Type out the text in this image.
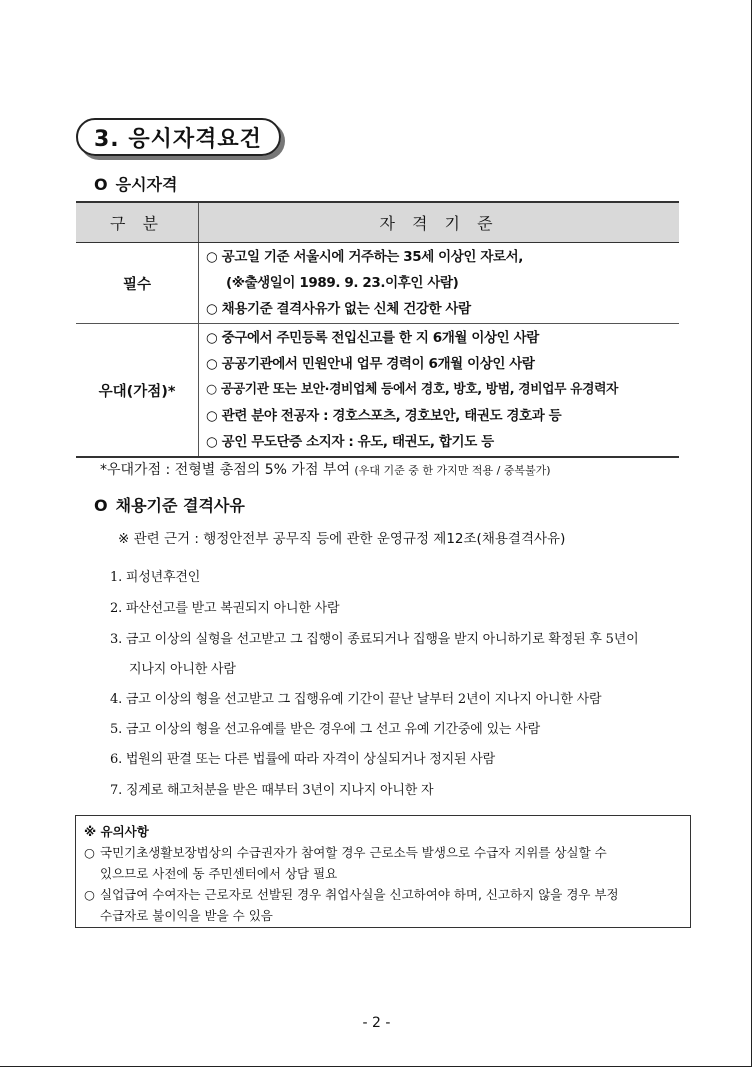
3. 응시자격요건
O 응시자격
구 분	자 격 기 준
필수	○ 공고일 기준 서울시에 거주하는 35세 이상인 자로서,
(※출생일이 1989. 9. 23.이후인 사람)
○ 채용기준 결격사유가 없는 신체 건강한 사람

우대(가점)*	○ 중구에서 주민등록 전입신고를 한 지 6개월 이상인 사람
○ 공공기관에서 민원안내 업무 경력이 6개월 이상인 사람
○ 공공기관 또는 보안·경비업체 등에서 경호, 방호, 방범, 경비업무 유경력자
○ 관련 분야 전공자 : 경호스포츠, 경호보안, 태권도 경호과 등
○ 공인 무도단증 소지자 : 유도, 태권도, 합기도 등
*우대가점 : 전형별 총점의 5% 가점 부여 (우대 기준 중 한 가지만 적용 / 중복불가)
O 채용기준 결격사유
※ 관련 근거 : 행정안전부 공무직 등에 관한 운영규정 제12조(채용결격사유)
1. 피성년후견인
2. 파산선고를 받고 복권되지 아니한 사람
3. 금고 이상의 실형을 선고받고 그 집행이 종료되거나 집행을 받지 아니하기로 확정된 후 5년이
지나지 아니한 사람
4. 금고 이상의 형을 선고받고 그 집행유예 기간이 끝난 날부터 2년이 지나지 아니한 사람
5. 금고 이상의 형을 선고유예를 받은 경우에 그 선고 유예 기간중에 있는 사람
6. 법원의 판결 또는 다른 법률에 따라 자격이 상실되거나 정지된 사람
7. 징계로 해고처분을 받은 때부터 3년이 지나지 아니한 자
※ 유의사항
○ 국민기초생활보장법상의 수급권자가 참여할 경우 근로소득 발생으로 수급자 지위를 상실할 수
있으므로 사전에 동 주민센터에서 상담 필요
○ 실업급여 수여자는 근로자로 선발된 경우 취업사실을 신고하여야 하며, 신고하지 않을 경우 부정
수급자로 불이익을 받을 수 있음
- 2 -
